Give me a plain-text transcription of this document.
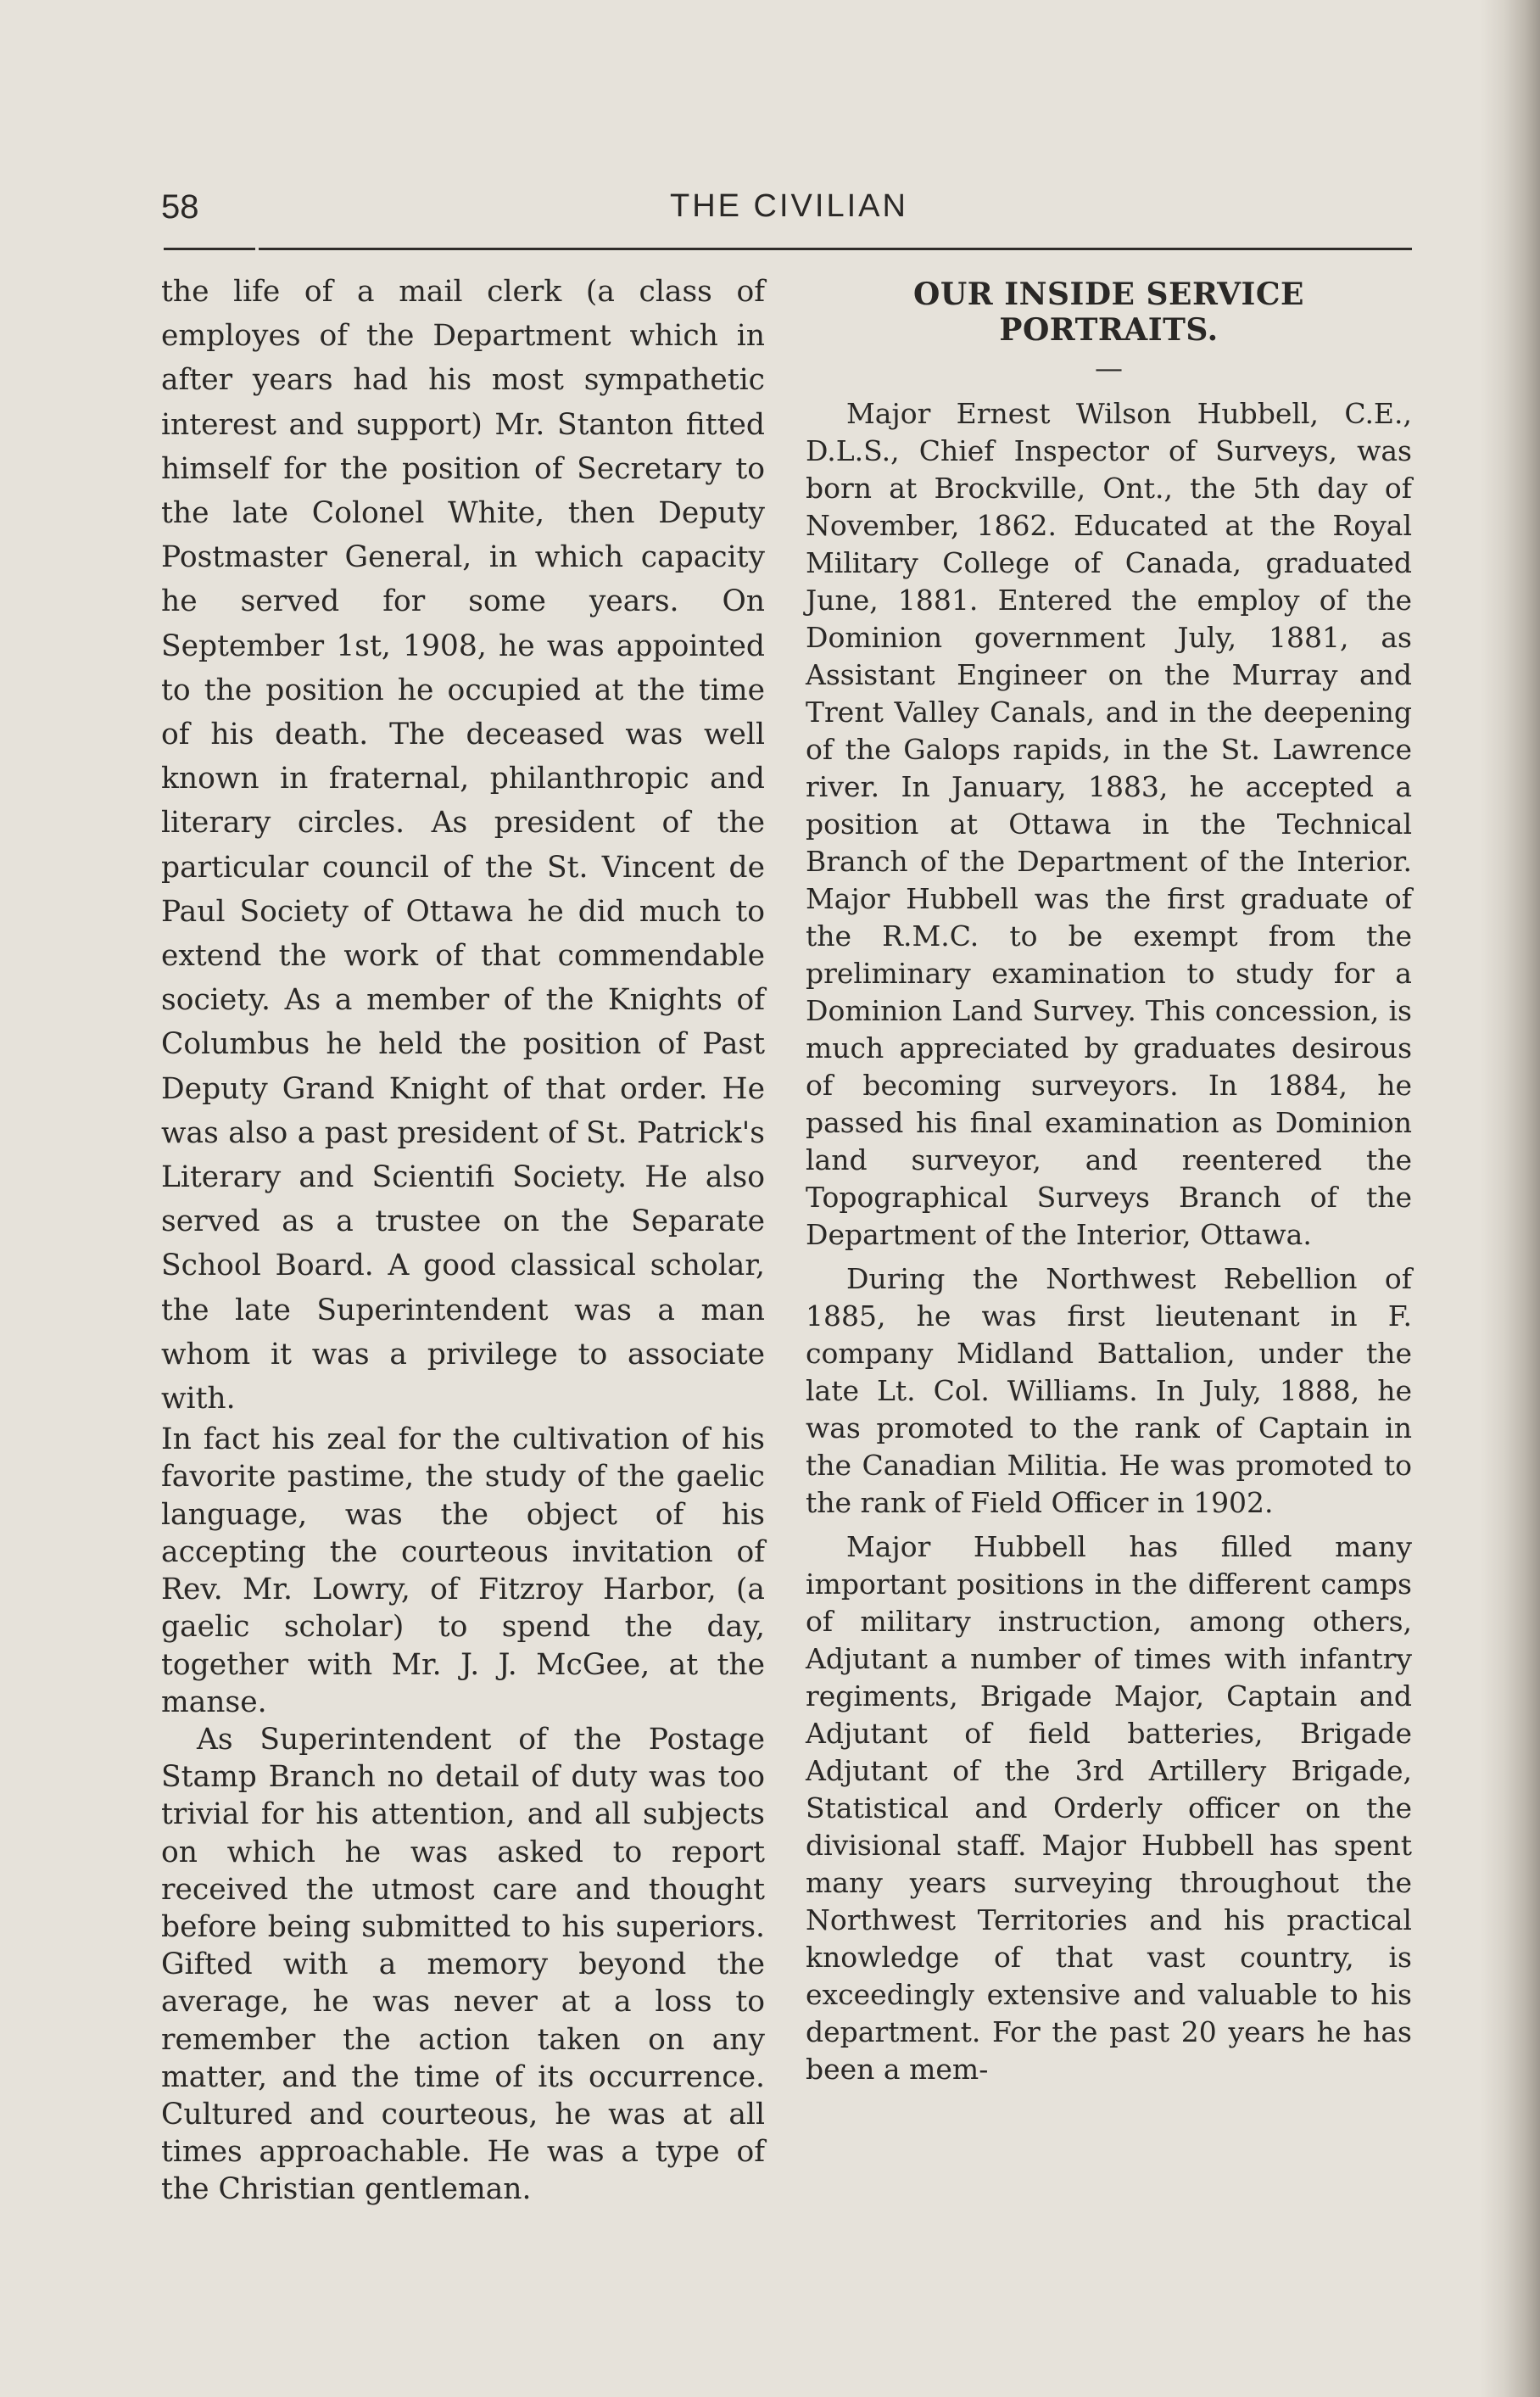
58	THE CIVILIAN

the life of a mail clerk (a class of employes of the Department which in after years had his most sympathetic interest and support) Mr. Stanton fitted himself for the position of Secretary to the late Colonel White, then Deputy Postmaster General, in which capacity he served for some years. On September 1st, 1908, he was appointed to the position he occupied at the time of his death. The deceased was well known in fraternal, philanthropic and literary circles. As president of the particular council of the St. Vincent de Paul Society of Ottawa he did much to extend the work of that commendable society. As a member of the Knights of Columbus he held the position of Past Deputy Grand Knight of that order. He was also a past president of St. Patrick's Literary and Scientifi Society. He also served as a trustee on the Separate School Board. A good classical scholar, the late Superintendent was a man whom it was a privilege to associate with.

In fact his zeal for the cultivation of his favorite pastime, the study of the gaelic language, was the object of his accepting the courteous invitation of Rev. Mr. Lowry, of Fitzroy Harbor, (a gaelic scholar) to spend the day, together with Mr. J. J. McGee, at the manse.

As Superintendent of the Postage Stamp Branch no detail of duty was too trivial for his attention, and all subjects on which he was asked to report received the utmost care and thought before being submitted to his superiors. Gifted with a memory beyond the average, he was never at a loss to remember the action taken on any matter, and the time of its occurrence. Cultured and courteous, he was at all times approachable. He was a type of the Christian gentleman.

OUR INSIDE SERVICE PORTRAITS.
—

Major Ernest Wilson Hubbell, C.E., D.L.S., Chief Inspector of Surveys, was born at Brockville, Ont., the 5th day of November, 1862. Educated at the Royal Military College of Canada, graduated June, 1881. Entered the employ of the Dominion government July, 1881, as Assistant Engineer on the Murray and Trent Valley Canals, and in the deepening of the Galops rapids, in the St. Lawrence river. In January, 1883, he accepted a position at Ottawa in the Technical Branch of the Department of the Interior. Major Hubbell was the first graduate of the R.M.C. to be exempt from the preliminary examination to study for a Dominion Land Survey. This concession, is much appreciated by graduates desirous of becoming surveyors. In 1884, he passed his final examination as Dominion land surveyor, and reentered the Topographical Surveys Branch of the Department of the Interior, Ottawa.

During the Northwest Rebellion of 1885, he was first lieutenant in F. company Midland Battalion, under the late Lt. Col. Williams. In July, 1888, he was promoted to the rank of Captain in the Canadian Militia. He was promoted to the rank of Field Officer in 1902.

Major Hubbell has filled many important positions in the different camps of military instruction, among others, Adjutant a number of times with infantry regiments, Brigade Major, Captain and Adjutant of field batteries, Brigade Adjutant of the 3rd Artillery Brigade, Statistical and Orderly officer on the divisional staff. Major Hubbell has spent many years surveying throughout the Northwest Territories and his practical knowledge of that vast country, is exceedingly extensive and valuable to his department. For the past 20 years he has been a mem-
